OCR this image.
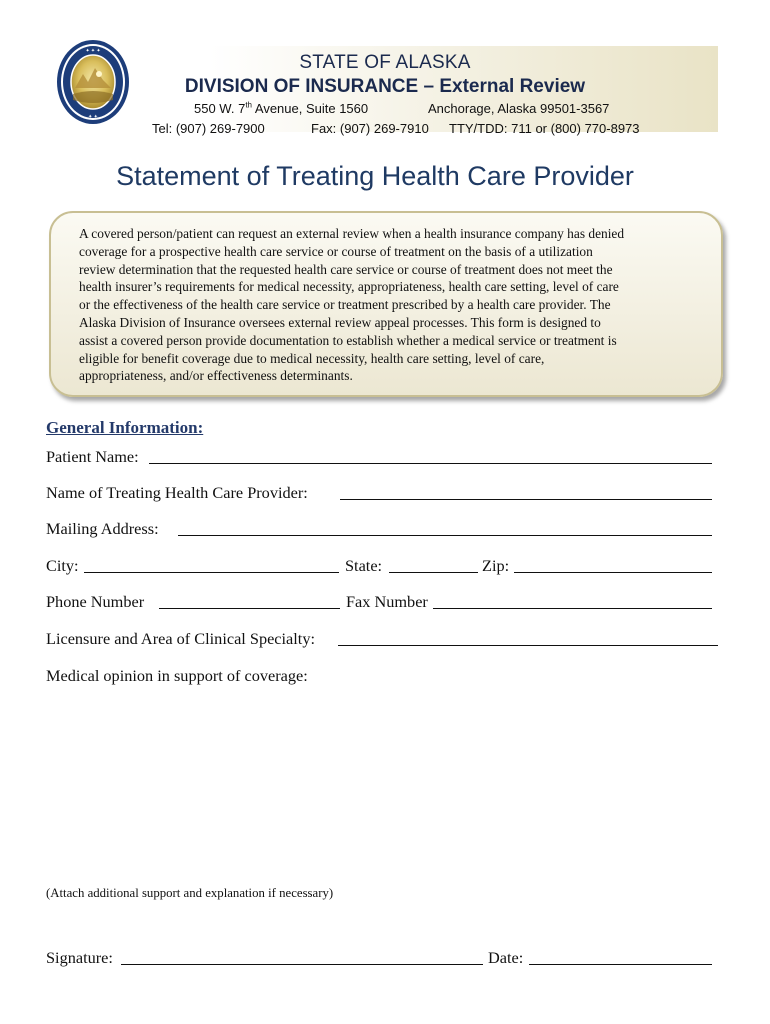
✦ ✦ ✦
✦ ✦
STATE OF ALASKA
DIVISION OF INSURANCE – External Review
550 W. 7th Avenue, Suite 1560	Anchorage, Alaska 99501-3567
Tel: (907) 269-7900	Fax: (907) 269-7910 TTY/TDD: 711 or (800) 770-8973
Statement of Treating Health Care Provider
A covered person/patient can request an external review when a health insurance company has denied
coverage for a prospective health care service or course of treatment on the basis of a utilization
review determination that the requested health care service or course of treatment does not meet the
health insurer’s requirements for medical necessity, appropriateness, health care setting, level of care
or the effectiveness of the health care service or treatment prescribed by a health care provider. The
Alaska Division of Insurance oversees external review appeal processes. This form is designed to
assist a covered person provide documentation to establish whether a medical service or treatment is
eligible for benefit coverage due to medical necessity, health care setting, level of care,
appropriateness, and/or effectiveness determinants.
General Information:
Patient Name:
Name of Treating Health Care Provider:
Mailing Address:
City:	State:	Zip:
Phone Number	Fax Number
Licensure and Area of Clinical Specialty:
Medical opinion in support of coverage:
(Attach additional support and explanation if necessary)
Signature:	Date:
